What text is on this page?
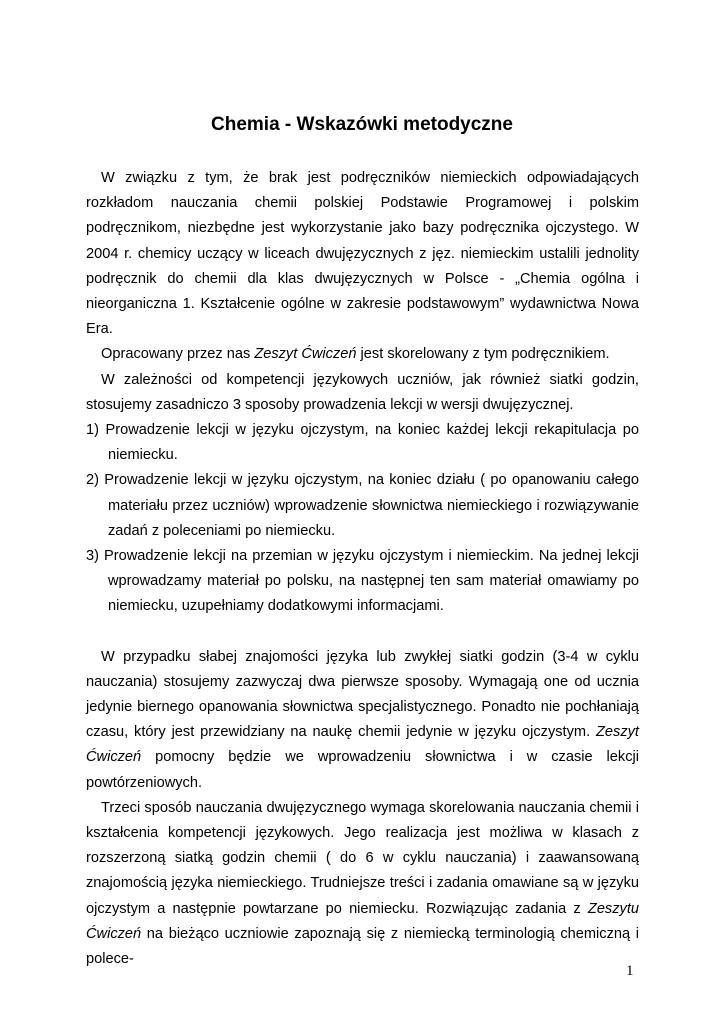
Chemia - Wskazówki metodyczne

W związku z tym, że brak jest podręczników niemieckich odpowiadających rozkładom nauczania chemii polskiej Podstawie Programowej i polskim podręcznikom, niezbędne jest wykorzystanie jako bazy podręcznika ojczystego. W 2004 r. chemicy uczący w liceach dwujęzycznych z jęz. niemieckim ustalili jednolity podręcznik do chemii dla klas dwujęzycznych w Polsce - „Chemia ogólna i nieorganiczna 1. Kształcenie ogólne w zakresie podstawowym” wydawnictwa Nowa Era.

Opracowany przez nas Zeszyt Ćwiczeń jest skorelowany z tym podręcznikiem.

W zależności od kompetencji językowych uczniów, jak również siatki godzin, stosujemy zasadniczo 3 sposoby prowadzenia lekcji w wersji dwujęzycznej.

1) Prowadzenie lekcji w języku ojczystym, na koniec każdej lekcji rekapitulacja po niemiecku.
2) Prowadzenie lekcji w języku ojczystym, na koniec działu ( po opanowaniu całego materiału przez uczniów) wprowadzenie słownictwa niemieckiego i rozwiązywanie zadań z poleceniami po niemiecku.
3) Prowadzenie lekcji na przemian w języku ojczystym i niemieckim. Na jednej lekcji wprowadzamy materiał po polsku, na następnej ten sam materiał omawiamy po niemiecku, uzupełniamy dodatkowymi informacjami.

W przypadku słabej znajomości języka lub zwykłej siatki godzin (3-4 w cyklu nauczania) stosujemy zazwyczaj dwa pierwsze sposoby. Wymagają one od ucznia jedynie biernego opanowania słownictwa specjalistycznego. Ponadto nie pochłaniają czasu, który jest przewidziany na naukę chemii jedynie w języku ojczystym. Zeszyt Ćwiczeń pomocny będzie we wprowadzeniu słownictwa i w czasie lekcji powtórzeniowych.

Trzeci sposób nauczania dwujęzycznego wymaga skorelowania nauczania chemii i kształcenia kompetencji językowych. Jego realizacja jest możliwa w klasach z rozszerzoną siatką godzin chemii ( do 6 w cyklu nauczania) i zaawansowaną znajomością języka niemieckiego. Trudniejsze treści i zadania omawiane są w języku ojczystym a następnie powtarzane po niemiecku. Rozwiązując zadania z Zeszytu Ćwiczeń na bieżąco uczniowie zapoznają się z niemiecką terminologią chemiczną i polece-

1
